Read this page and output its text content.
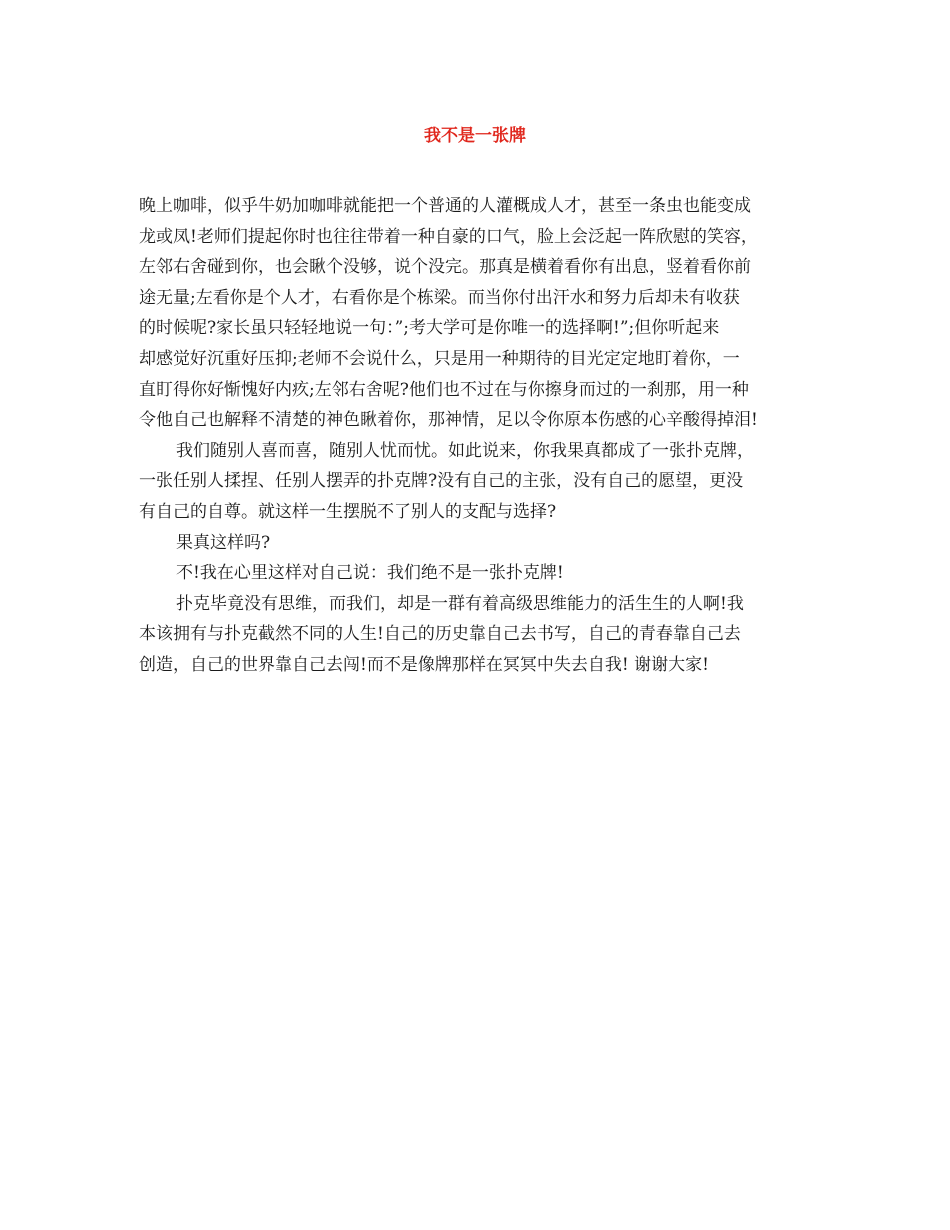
我不是一张牌
晚上咖啡，似乎牛奶加咖啡就能把一个普通的人灌概成人才，甚至一条虫也能变成
龙或凤!老师们提起你时也往往带着一种自豪的口气，脸上会泛起一阵欣慰的笑容，
左邻右舍碰到你，也会瞅个没够，说个没完。那真是横着看你有出息，竖着看你前
途无量;左看你是个人才，右看你是个栋梁。而当你付出汗水和努力后却未有收获
的时候呢?家长虽只轻轻地说一句：”;考大学可是你唯一的选择啊!”;但你听起来
却感觉好沉重好压抑;老师不会说什么，只是用一种期待的目光定定地盯着你，一
直盯得你好惭愧好内疚;左邻右舍呢?他们也不过在与你擦身而过的一刹那，用一种
令他自己也解释不清楚的神色瞅着你，那神情，足以令你原本伤感的心辛酸得掉泪!
我们随别人喜而喜，随别人忧而忧。如此说来，你我果真都成了一张扑克牌，
一张任别人揉捏、任别人摆弄的扑克牌?没有自己的主张，没有自己的愿望，更没
有自己的自尊。就这样一生摆脱不了别人的支配与选择?
果真这样吗?
不!我在心里这样对自己说：我们绝不是一张扑克牌!
扑克毕竟没有思维，而我们，却是一群有着高级思维能力的活生生的人啊!我
本该拥有与扑克截然不同的人生!自己的历史靠自己去书写，自己的青春靠自己去
创造，自己的世界靠自己去闯!而不是像牌那样在冥冥中失去自我! 谢谢大家!
